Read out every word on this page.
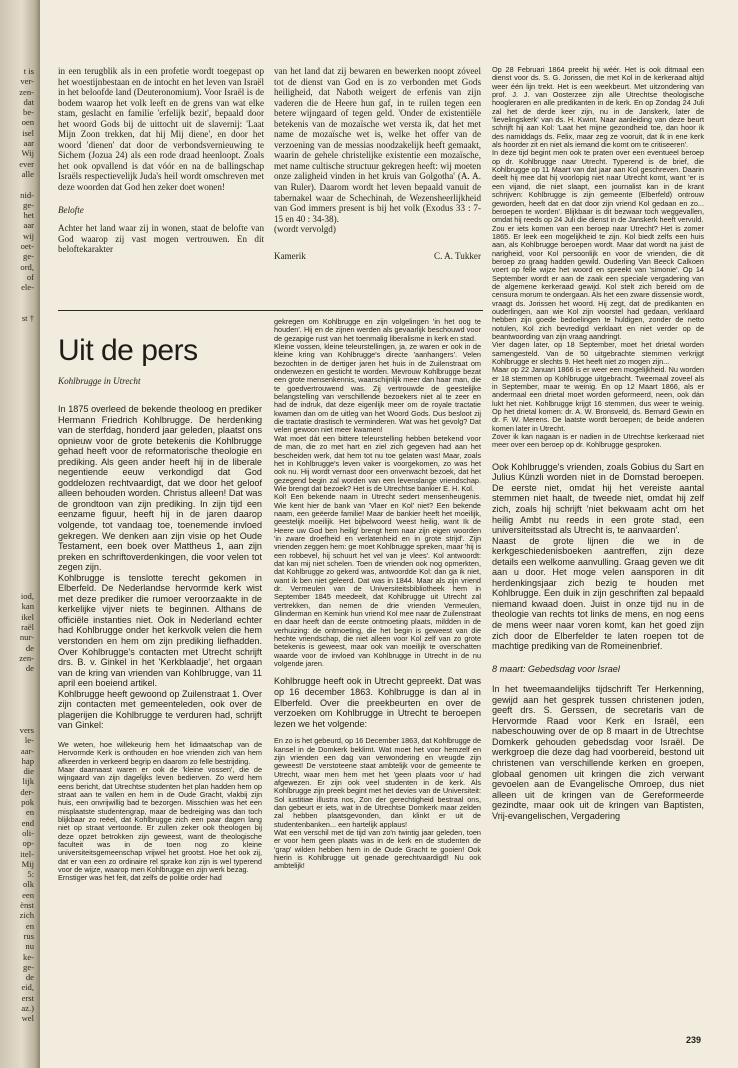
t is
ver-
zen-
dat
be-
oen
isel
aar
Wij
ever
alle

nid-
ge-
het
aar
wij
oet-
ge-
ord,
of
ele-

st †

iod,
kan
ikel
raël
nur-
de
zen-
de

vers
le-
aar-
hap
die
lijk
der-
pok
en
end
oli-
op-
itel-
Mij
5:
olk
een
ënst
zich
en
rus
nu
ke-
ge-
de
eid,
erst
az.)
wel

in een terugblik als in een profetie wordt toegepast op het woestijnbestaan en de intocht en het leven van Israël in het beloofde land (Deuteronomium). Voor Israël is de bodem waarop het volk leeft en de grens van wat elke stam, geslacht en familie 'erfelijk bezit', bepaald door het woord Gods bij de uittocht uit de slavernij: 'Laat Mijn Zoon trekken, dat hij Mij diene', en door het woord 'dienen' dat door de verbondsvernieuwing te Sichem (Jozua 24) als een rode draad heenloopt. Zoals het ook opvallend is dat vóór en na de ballingschap Israëls respectievelijk Juda's heil wordt omschreven met deze woorden dat God hen zeker doet wonen!

Belofte

Achter het land waar zij in wonen, staat de belofte van God waarop zij vast mogen vertrouwen. En dit beloftekarakter

van het land dat zij bewaren en bewerken noopt zóveel tot de dienst van God en is zo verbonden met Gods heiligheid, dat Naboth weigert de erfenis van zijn vaderen die de Heere hun gaf, in te ruilen tegen een betere wijngaard of tegen geld. 'Onder de existentiële betekenis van de mozaïsche wet versta ik, dat het met name de mozaïsche wet is, welke het offer van de verzoening van de messias noodzakelijk heeft gemaakt, waarin de gehele christelijke existentie een mozaïsche, met name cultische structuur gekregen heeft: wij moeten onze zaligheid vinden in het kruis van Golgotha' (A. A. van Ruler). Daarom wordt het leven bepaald vanuit de tabernakel waar de Schechinah, de Wezensheerlijkheid van God immers present is bij het volk (Exodus 33 : 7-15 en 40 : 34-38).

(wordt vervolgd)

Kamerik	C. A. Tukker
Uit de pers

Kohlbrugge in Utrecht

In 1875 overleed de bekende theoloog en prediker Hermann Friedrich Kohlbrugge. De herdenking van de sterfdag, honderd jaar geleden, plaatst ons opnieuw voor de grote betekenis die Kohlbrugge gehad heeft voor de reformatorische theologie en prediking. Als geen ander heeft hij in de liberale negentiende eeuw verkondigd dat God goddelozen rechtvaardigt, dat we door het geloof alleen behouden worden. Christus alleen! Dat was de grondtoon van zijn prediking. In zijn tijd een eenzame figuur, heeft hij in de jaren daarop volgende, tot vandaag toe, toenemende invloed gekregen. We denken aan zijn visie op het Oude Testament, een boek over Mattheus 1, aan zijn preken en schriftoverdenkingen, die voor velen tot zegen zijn.

Kohlbrugge is tenslotte terecht gekomen in Elberfeld. De Nederlandse hervormde kerk wist met deze prediker die rumoer veroorzaakte in de kerkelijke vijver niets te beginnen. Althans de officiële instanties niet. Ook in Nederland echter had Kohlbrugge onder het kerkvolk velen die hem verstonden en hem om zijn prediking liefhadden. Over Kohlbrugge's contacten met Utrecht schrijft drs. B. v. Ginkel in het 'Kerkblaadje', het orgaan van de kring van vrienden van Kohlbrugge, van 11 april een boeiend artikel.

Kohlbrugge heeft gewoond op Zuilenstraat 1. Over zijn contacten met gemeenteleden, ook over de plagerijen die Kohlbrugge te verduren had, schrijft van Ginkel:

We weten, hoe willekeurig hem het lidmaatschap van de Hervormde Kerk is onthouden en hoe vrienden zich van hem afkeerden in verkeerd begrip en daarom zo felle bestrijding.
Maar daarnaast waren er ook de 'kleine vossen', die de wijngaard van zijn dagelijks leven bedierven. Zo werd hem eens bericht, dat Utrechtse studenten het plan hadden hem op straat aan te vallen en hem in de Oude Gracht, vlakbij zijn huis, een onvrijwillig bad te bezorgen. Misschien was het een misplaatste studentengrap, maar de bedreiging was dan toch blijkbaar zo reëel, dat Kohlbrugge zich een paar dagen lang niet op straat vertoonde. Er zullen zeker ook theologen bij deze opzet betrokken zijn geweest, want de theologische faculteit was in de toen nog zo kleine universiteitsgemeenschap vrijwel het grootst. Hoe het ook zij, dat er van een zo ordinaire rel sprake kon zijn is wel typerend voor de wijze, waarop men Kohlbrugge en zijn werk bezag.
Ernstiger was het feit, dat zelfs de politie order had

gekregen om Kohlbrugge en zijn volgelingen 'in het oog te houden'. Hij en de zijnen werden als gevaarlijk beschouwd voor de gezapige rust van het toenmalig liberalisme in kerk en stad.
Kleine vossen, kleine teleurstellingen, ja, ze waren er ook in de kleine kring van Kohlbrugge's directe 'aanhangers'. Velen bezochten in de dertiger jaren het huis in de Zuilenstraat om onderwezen en gesticht te worden. Mevrouw Kohlbrugge bezat een grote mensenkennis, waarschijnlijk meer dan haar man, die te goedvertrouwend was. Zij vertrouwde de geestelijke belangstelling van verschillende bezoekers niet al te zeer en had de indruk, dat deze eigenlijk meer om de royale tractatie kwamen dan om de uitleg van het Woord Gods. Dus besloot zij die tractatie drastisch te verminderen. Wat was het gevolg? Dat velen gewoon niet meer kwamen!
Wat moet dát een bittere teleurstelling hebben betekend voor de man, die zo met hart en ziel zich gegeven had aan het bescheiden werk, dat hem tot nu toe gelaten was! Maar, zoals het in Kohlbrugge's leven vaker is voorgekomen, zo was het ook nu. Hij wordt vernast door een onverwacht bezoek, dat het gezegend begin zal worden van een levenslange vriendschap. Wie brengt dat bezoek? Het is de Utrechtse bankier E. H. Kol.
Kol! Een bekende naam in Utrecht sedert mensenheugenis. Wie kent hier de bank van 'Vlaer en Kol' niet? Een bekende naam, een geëerde familie! Maar de bankier heeft het moeilijk, geestelijk moeilijk. Het bijbelwoord 'weest heilig, want Ik de Heere uw God ben heilig' brengt hem naar zijn eigen woorden 'in zware droefheid en verlatenheid en in grote strijd'. Zijn vrienden zeggen hem: ge moet Kohlbrugge spreken, maar 'hij is een robbevel, hij schuurt het vel van je vlees'. Kol antwoordt: dat kan mij niet schelen. Toen de vrienden ook nog opmerkten, dat Kohlbrugge zo gekerd was, antwoordde Kol: dan ga ik niet, want ik ben niet geleerd. Dat was in 1844. Maar als zijn vriend dr. Vermeulen van de Universiteitsbibliotheek hem in September 1845 meedeelt, dat Kohlbrugge uit Utrecht zal vertrekken, dan nemen de drie vrienden Vermeulen, Glinderman en Kemink hun vriend Kol mee naar de Zuilenstraat en daar heeft dan de eerste ontmoeting plaats, mildden in de verhuizing: de ontmoeting, die het begin is geweest van die hechte vriendschap, die niet alleen voor Kol zelf van zo grote betekenis is geweest, maar ook van moeilijk te overschatten waarde voor de invloed van Kohlbrugge in Utrecht in de nu volgende jaren.

Kohlbrugge heeft ook in Utrecht gepreekt. Dat was op 16 december 1863. Kohlbrugge is dan al in Elberfeld. Over die preekbeurten en over de verzoeken om Kohlbrugge in Utrecht te beroepen lezen we het volgende:

En zo is het gebeurd, op 16 December 1863, dat Kohlbrugge de kansel in de Domkerk beklimt. Wat moet het voor hemzelf en zijn vrienden een dag van verwondering en vreugde zijn geweest! De verstoteene staat ambtelijk voor de gemeente te Utrecht, waar men hem met het 'geen plaats voor u' had afgewezen. Er zijn ook veel studenten in de kerk. Als Kohlbrugge zijn preek begint met het devies van de Universiteit: Sol iustitiae illustra nos, Zon der gerechtigheid bestraal ons, dan gebeurt er iets, wat in de Utrechtse Domkerk maar zelden zal hebben plaatsgevonden, dan klinkt er uit de studentenbanken... een hartelijk applaus!
Wat een verschil met de tijd van zo'n twintig jaar geleden, toen er voor hem geen plaats was in de kerk en de studenten de 'grap' wilden hebben hem in de Oude Gracht te gooien! Ook hierin is Kohlbrugge uit genade gerechtvaardigd! Nu ook ambtelijk!

Op 28 Februari 1864 preekt hij wéér. Het is ook ditmaal een dienst voor ds. S. G. Jorissen, die met Kol in de kerkeraad altijd weer één lijn trekt. Het is een weekbeurt. Met uitzondering van prof. J. J. van Oosterzee zijn alle Utrechtse theologische hoogleraren en alle predikanten in de kerk. En op Zondag 24 Juli zal het de derde keer zijn, nu in de Janskerk, later de 'lievelingskerk' van ds. H. Kwint. Naar aanleiding van deze beurt schrijft hij aan Kol: 'Laat het mijne gezondheid toe, dan hoor ik des namiddags ds. Felix, maar zeg ze vooruit, dat ik in ene kerk als hoorder zit en niet als iemand die komt om te critiseeren'.
In deze tijd begint men ook te praten over een eventueel beroep op dr. Kohlbrugge naar Utrecht. Typerend is de brief, die Kohlbrugge op 11 Maart van dat jaar aan Kol geschreven. Daarin deelt hij mee dat hij voorlopig niet naar Utrecht komt, want 'er is een vijand, die niet slaapt, een journalist kan in de krant schrijven: Kohlbrugge is zijn gemeente (Elberfeld) ontrouw geworden, heeft dat en dat door zijn vriend Kol gedaan en zo... beroepen te worden'. Blijkbaar is dit bezwaar toch weggevallen, omdat hij reeds op 24 Juli die dienst in de Janskerk heeft vervuld.
Zou er iets komen van een beroep naar Utrecht? Het is zomer 1865. Er leek een mogelijkheid te zijn. Kol biedt zelfs een huis aan, als Kohlbrugge beroepen wordt. Maar dat wordt na juist de narigheid, voor Kol persoonlijk en voor de vrienden, die dit beroep zo graag hadden gewild. Ouderling Van Beeck Calkoen voert op felle wijze het woord en spreekt van 'simonie'. Op 14 September wordt er aan de zaak een speciale vergadering van de algemene kerkeraad gewijd. Kol stelt zich bereid om de censura morum te ondergaan. Als het een zware dissensie wordt, vraagt ds. Jorissen het woord. Hij zegt, dat de predikanten en ouderlingen, aan wie Kol zijn voorstel had gedaan, verklaard hebben zijn goede bedoelingen te huldigen, zonder de netto notulen, Kol zich bevredigd verklaart en niet verder op de beantwoording van zijn vraag aandringt.
Vier dagen later, op 18 September, moet het drietal worden samengesteld. Van de 50 uitgebrachte stemmen verkrijgt Kohlbrugge er slechts 9. Het heeft niet zo mogen zijn...
Maar op 22 Januari 1866 is er weer een mogelijkheid. Nu worden er 18 stemmen op Kohlbrugge uitgebracht. Tweemaal zoveel als in September, maar te weinig. En op 12 Maart 1866, als er andermaal een drietal moet worden geformeerd, neen, ook dán lukt het niet. Kohlbrugge krijgt 16 stemmen, dus weer te weinig. Op het drietal komen: dr. A. W. Bronsveld, ds. Bernard Gewin en dr. F. W. Merens. De laatste wordt beroepen; de beide anderen komen later in Utrecht.
Zover ik kan nagaan is er nadien in de Utrechtse kerkeraad niet meer over een beroep op dr. Kohlbrugge gesproken.

Ook Kohlbrugge's vrienden, zoals Gobius du Sart en Julius Künzli worden niet in de Domstad beroepen. De eerste niet, omdat hij het vereiste aantal stemmen niet haalt, de tweede niet, omdat hij zelf zich, zoals hij schrijft 'niet bekwaam acht om het heilig Ambt nu reeds in een grote stad, een universiteitsstad als Utrecht is, te aanvaarden'.
Naast de grote lijnen die we in de kerkgeschiedenisboeken aantreffen, zijn deze details een welkome aanvulling. Graag geven we dit aan u door. Het moge velen aansporen in dit herdenkingsjaar zich bezig te houden met Kohlbrugge. Een duik in zijn geschriften zal bepaald niemand kwaad doen. Juist in onze tijd nu in de theologie van rechts tot links de mens, en nog eens de mens weer naar voren komt, kan het goed zijn zich door de Elberfelder te laten roepen tot de machtige prediking van de Romeinenbrief.

8 maart: Gebedsdag voor Israel

In het tweemaandelijks tijdschrift Ter Herkenning, gewijd aan het gesprek tussen christenen joden, geeft drs. S. Gerssen, de secretaris van de Hervormde Raad voor Kerk en Israël, een nabeschouwing over de op 8 maart in de Utrechtse Domkerk gehouden gebedsdag voor Israël. De werkgroep die deze dag had voorbereid, bestond uit christenen van verschillende kerken en groepen, globaal genomen uit kringen die zich verwant gevoelen aan de Evangelische Omroep, dus niet alleen uit de kringen van de Gereformeerde gezindte, maar ook uit de kringen van Baptisten, Vrij-evangelischen, Vergadering

239
